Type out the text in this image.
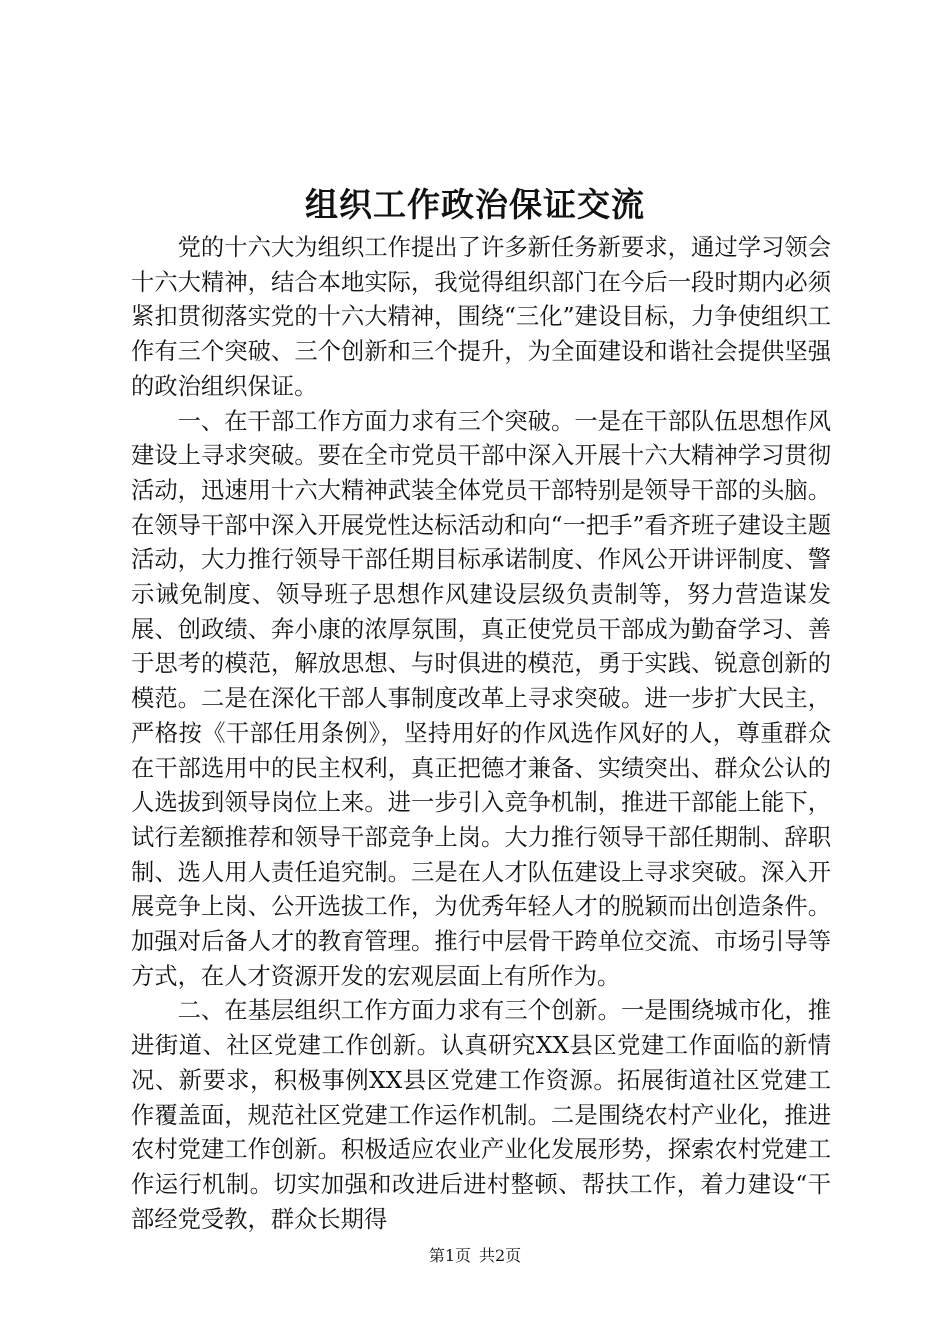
组织工作政治保证交流

党的十六大为组织工作提出了许多新任务新要求，通过学习领会十六大精神，结合本地实际，我觉得组织部门在今后一段时期内必须紧扣贯彻落实党的十六大精神，围绕“三化”建设目标，力争使组织工作有三个突破、三个创新和三个提升，为全面建设和谐社会提供坚强的政治组织保证。

一、在干部工作方面力求有三个突破。一是在干部队伍思想作风建设上寻求突破。要在全市党员干部中深入开展十六大精神学习贯彻活动，迅速用十六大精神武装全体党员干部特别是领导干部的头脑。在领导干部中深入开展党性达标活动和向“一把手”看齐班子建设主题活动，大力推行领导干部任期目标承诺制度、作风公开讲评制度、警示诫免制度、领导班子思想作风建设层级负责制等，努力营造谋发展、创政绩、奔小康的浓厚氛围，真正使党员干部成为勤奋学习、善于思考的模范，解放思想、与时俱进的模范，勇于实践、锐意创新的模范。二是在深化干部人事制度改革上寻求突破。进一步扩大民主，严格按《干部任用条例》，坚持用好的作风选作风好的人，尊重群众在干部选用中的民主权利，真正把德才兼备、实绩突出、群众公认的人选拔到领导岗位上来。进一步引入竞争机制，推进干部能上能下，试行差额推荐和领导干部竞争上岗。大力推行领导干部任期制、辞职制、选人用人责任追究制。三是在人才队伍建设上寻求突破。深入开展竞争上岗、公开选拔工作，为优秀年轻人才的脱颖而出创造条件。加强对后备人才的教育管理。推行中层骨干跨单位交流、市场引导等方式，在人才资源开发的宏观层面上有所作为。

二、在基层组织工作方面力求有三个创新。一是围绕城市化，推进街道、社区党建工作创新。认真研究XX县区党建工作面临的新情况、新要求，积极事例XX县区党建工作资源。拓展街道社区党建工作覆盖面，规范社区党建工作运作机制。二是围绕农村产业化，推进农村党建工作创新。积极适应农业产业化发展形势，探索农村党建工作运行机制。切实加强和改进后进村整顿、帮扶工作，着力建设“干部经党受教，群众长期得

第1页 共2页
